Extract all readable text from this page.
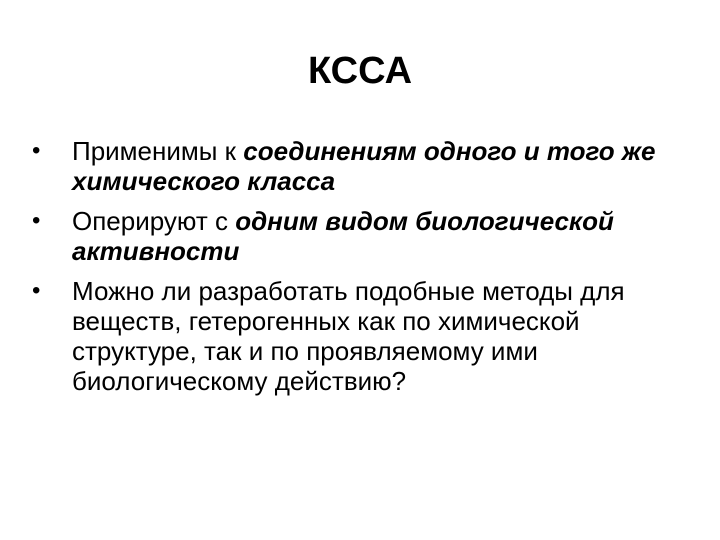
КССА
•	Применимы к соединениям одного и того же химического класса
•	Оперируют с одним видом биологической активности
•	Можно ли разработать подобные методы для веществ, гетерогенных как по химической структуре, так и по проявляемому ими биологическому действию?
